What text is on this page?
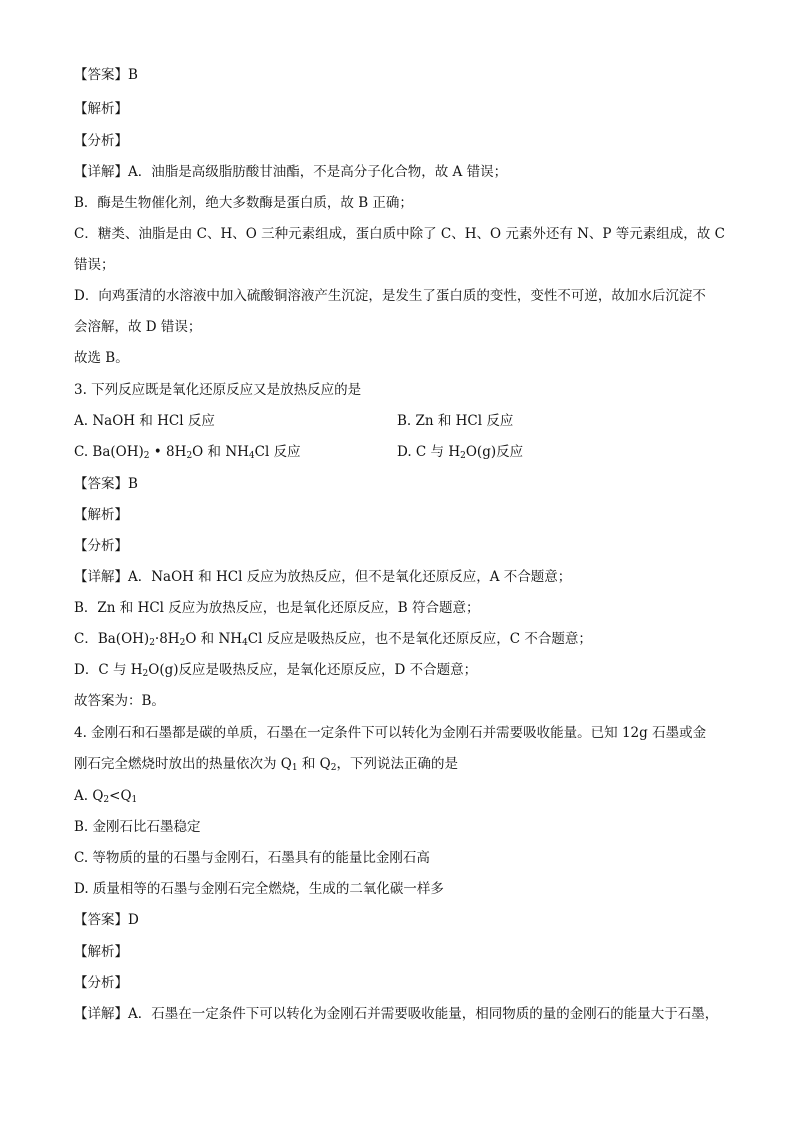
【答案】B
【解析】
【分析】
【详解】A．油脂是高级脂肪酸甘油酯，不是高分子化合物，故 A 错误；
B．酶是生物催化剂，绝大多数酶是蛋白质，故 B 正确；
C．糖类、油脂是由 C、H、O 三种元素组成，蛋白质中除了 C、H、O 元素外还有 N、P 等元素组成，故 C
错误；
D．向鸡蛋清的水溶液中加入硫酸铜溶液产生沉淀，是发生了蛋白质的变性，变性不可逆，故加水后沉淀不
会溶解，故 D 错误；
故选 B。
3. 下列反应既是氧化还原反应又是放热反应的是
A. NaOH 和 HCl 反应	B. Zn 和 HCl 反应
C. $Ba(OH)_2$ • $8H_2O$ 和 $NH_4Cl$ 反应	D. C 与 $H_2O(g)$反应
【答案】B
【解析】
【分析】
【详解】A．NaOH 和 HCl 反应为放热反应，但不是氧化还原反应，A 不合题意；
B．Zn 和 HCl 反应为放热反应，也是氧化还原反应，B 符合题意；
C．$Ba(OH)_2\cdot 8H_2O$ 和 $NH_4Cl$ 反应是吸热反应，也不是氧化还原反应，C 不合题意；
D．C 与 $H_2O(g)$反应是吸热反应，是氧化还原反应，D 不合题意；
故答案为：B。
4. 金刚石和石墨都是碳的单质，石墨在一定条件下可以转化为金刚石并需要吸收能量。已知 12g 石墨或金
刚石完全燃烧时放出的热量依次为 $Q_1$ 和 $Q_2$，下列说法正确的是
A. $Q_2<Q_1$
B. 金刚石比石墨稳定
C. 等物质的量的石墨与金刚石，石墨具有的能量比金刚石高
D. 质量相等的石墨与金刚石完全燃烧，生成的二氧化碳一样多
【答案】D
【解析】
【分析】
【详解】A．石墨在一定条件下可以转化为金刚石并需要吸收能量，相同物质的量的金刚石的能量大于石墨，
